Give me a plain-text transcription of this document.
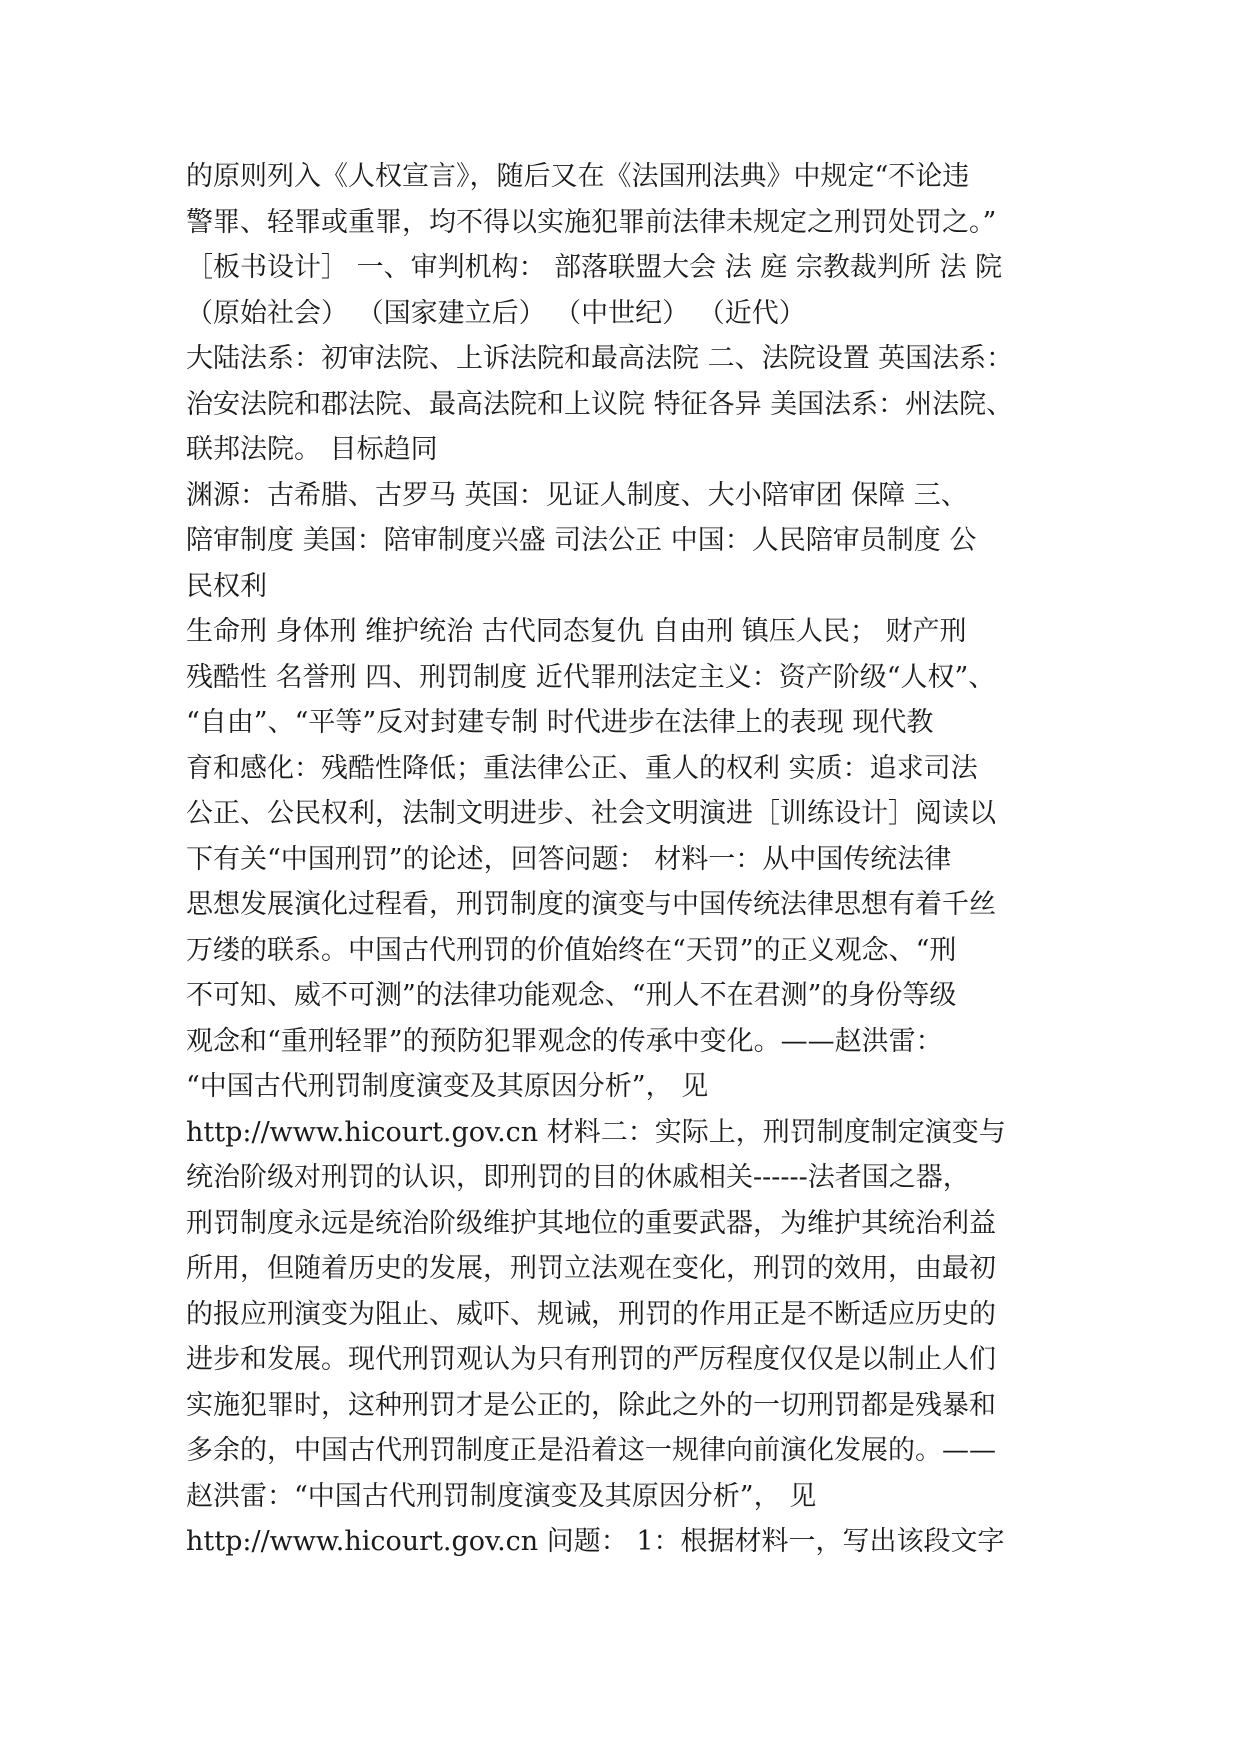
的原则列入《人权宣言》，随后又在《法国刑法典》中规定“不论违
警罪、轻罪或重罪，均不得以实施犯罪前法律未规定之刑罚处罚之。”
［板书设计］ 一、审判机构： 部落联盟大会 法 庭 宗教裁判所 法 院
（原始社会） （国家建立后） （中世纪） （近代）
大陆法系：初审法院、上诉法院和最高法院 二、法院设置 英国法系：
治安法院和郡法院、最高法院和上议院 特征各异 美国法系：州法院、
联邦法院。 目标趋同
渊源：古希腊、古罗马 英国：见证人制度、大小陪审团 保障 三、
陪审制度 美国：陪审制度兴盛 司法公正 中国：人民陪审员制度 公
民权利
生命刑 身体刑 维护统治 古代同态复仇 自由刑 镇压人民； 财产刑
残酷性 名誉刑 四、刑罚制度 近代罪刑法定主义：资产阶级“人权”、
“自由”、“平等”反对封建专制 时代进步在法律上的表现 现代教
育和感化：残酷性降低；重法律公正、重人的权利 实质：追求司法
公正、公民权利，法制文明进步、社会文明演进［训练设计］阅读以
下有关“中国刑罚”的论述，回答问题： 材料一：从中国传统法律
思想发展演化过程看，刑罚制度的演变与中国传统法律思想有着千丝
万缕的联系。中国古代刑罚的价值始终在“天罚”的正义观念、“刑
不可知、威不可测”的法律功能观念、“刑人不在君测”的身份等级
观念和“重刑轻罪”的预防犯罪观念的传承中变化。——赵洪雷：
“中国古代刑罚制度演变及其原因分析”， 见
http://www.hicourt.gov.cn 材料二：实际上，刑罚制度制定演变与
统治阶级对刑罚的认识，即刑罚的目的休戚相关------法者国之器，
刑罚制度永远是统治阶级维护其地位的重要武器，为维护其统治利益
所用，但随着历史的发展，刑罚立法观在变化，刑罚的效用，由最初
的报应刑演变为阻止、威吓、规诫，刑罚的作用正是不断适应历史的
进步和发展。现代刑罚观认为只有刑罚的严厉程度仅仅是以制止人们
实施犯罪时，这种刑罚才是公正的，除此之外的一切刑罚都是残暴和
多余的，中国古代刑罚制度正是沿着这一规律向前演化发展的。——
赵洪雷：“中国古代刑罚制度演变及其原因分析”， 见
http://www.hicourt.gov.cn 问题： 1：根据材料一，写出该段文字
